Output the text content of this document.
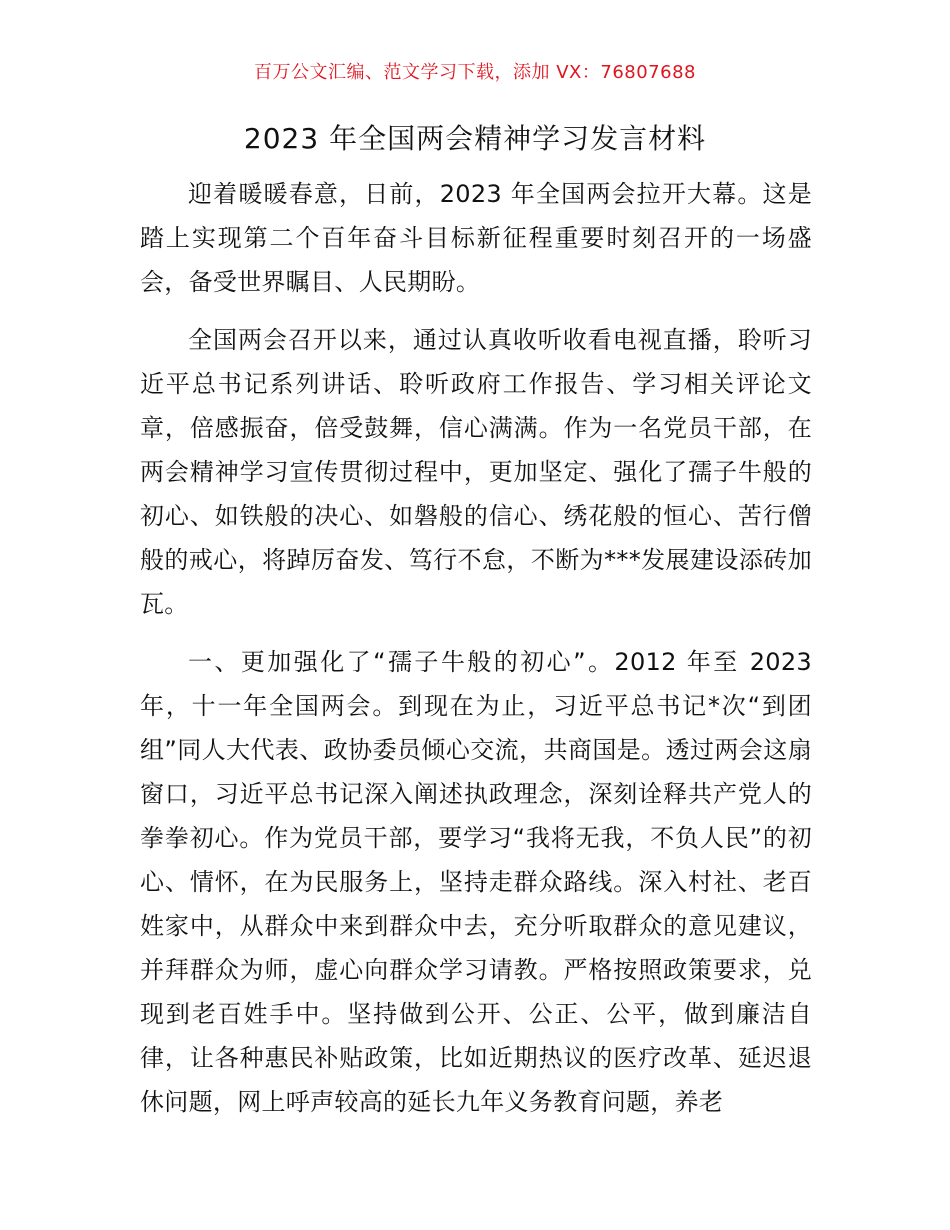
百万公文汇编、范文学习下载，添加 VX：76807688
2023 年全国两会精神学习发言材料

迎着暖暖春意，日前，2023 年全国两会拉开大幕。这是踏上实现第二个百年奋斗目标新征程重要时刻召开的一场盛会，备受世界瞩目、人民期盼。

全国两会召开以来，通过认真收听收看电视直播，聆听习近平总书记系列讲话、聆听政府工作报告、学习相关评论文章，倍感振奋，倍受鼓舞，信心满满。作为一名党员干部，在两会精神学习宣传贯彻过程中，更加坚定、强化了孺子牛般的初心、如铁般的决心、如磐般的信心、绣花般的恒心、苦行僧般的戒心，将踔厉奋发、笃行不怠，不断为***发展建设添砖加瓦。

一、更加强化了“孺子牛般的初心”。2012 年至 2023 年，十一年全国两会。到现在为止，习近平总书记*次“到团组”同人大代表、政协委员倾心交流，共商国是。透过两会这扇窗口，习近平总书记深入阐述执政理念，深刻诠释共产党人的拳拳初心。作为党员干部，要学习“我将无我，不负人民”的初心、情怀，在为民服务上，坚持走群众路线。深入村社、老百姓家中，从群众中来到群众中去，充分听取群众的意见建议，并拜群众为师，虚心向群众学习请教。严格按照政策要求，兑现到老百姓手中。坚持做到公开、公正、公平，做到廉洁自律，让各种惠民补贴政策，比如近期热议的医疗改革、延迟退休问题，网上呼声较高的延长九年义务教育问题，养老
